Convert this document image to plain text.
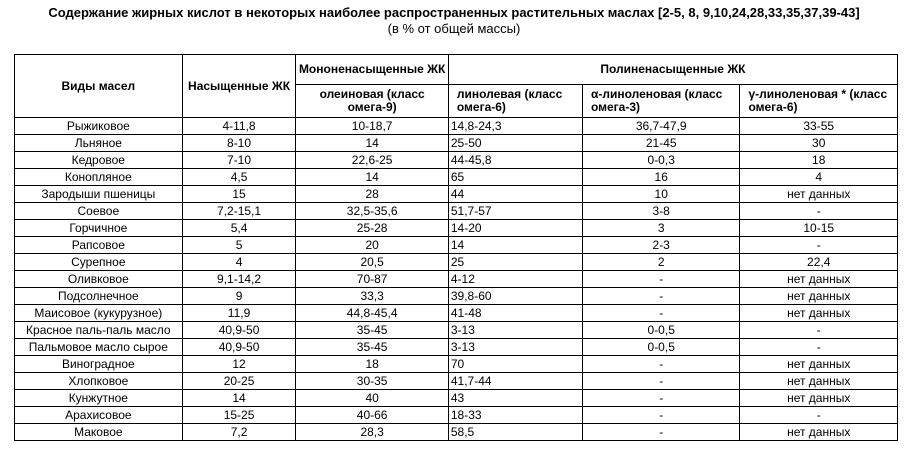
Содержание жирных кислот в некоторых наиболее распространенных растительных маслах [2-5, 8, 9,10,24,28,33,35,37,39-43]
(в % от общей массы)
Виды масел	Насыщенные ЖК	Мононенасыщенные ЖК	Полиненасыщенные ЖК		
		олеиновая (класс омега-9)	линолевая (класс омега-6)	α-линоленовая (класс омега-3)	γ-линоленовая * (класс омега-6)
Рыжиковое	4-11,8	10-18,7	14,8-24,3	36,7-47,9	33-55
Льняное	8-10	14	25-50	21-45	30
Кедровое	7-10	22,6-25	44-45,8	0-0,3	18
Конопляное	4,5	14	65	16	4
Зародыши пшеницы	15	28	44	10	нет данных
Соевое	7,2-15,1	32,5-35,6	51,7-57	3-8	-
Горчичное	5,4	25-28	14-20	3	10-15
Рапсовое	5	20	14	2-3	-
Сурепное	4	20,5	25	2	22,4
Оливковое	9,1-14,2	70-87	4-12	-	нет данных
Подсолнечное	9	33,3	39,8-60	-	нет данных
Маисовое (кукурузное)	11,9	44,8-45,4	41-48	-	нет данных
Красное паль-паль масло	40,9-50	35-45	3-13	0-0,5	-
Пальмовое масло сырое	40,9-50	35-45	3-13	0-0,5	-
Виноградное	12	18	70	-	нет данных
Хлопковое	20-25	30-35	41,7-44	-	нет данных
Кунжутное	14	40	43	-	нет данных
Арахисовое	15-25	40-66	18-33	-	-
Маковое	7,2	28,3	58,5	-	нет данных
